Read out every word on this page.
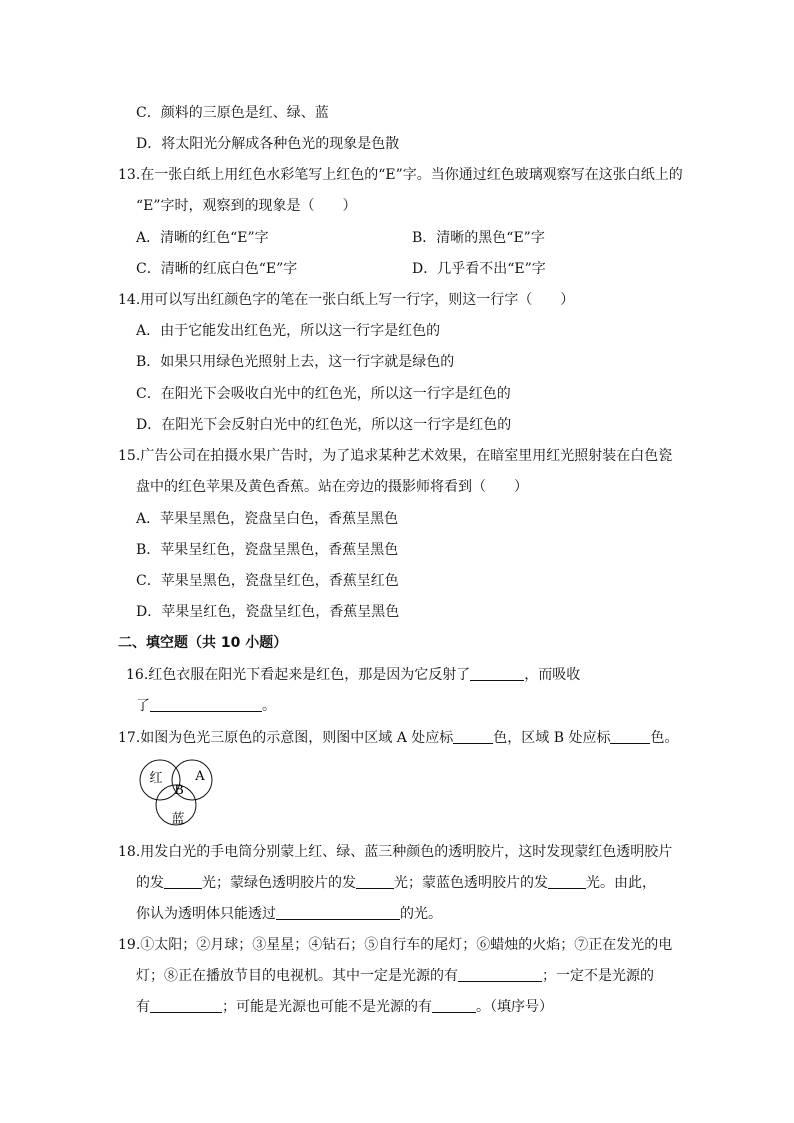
C．颜料的三原色是红、绿、蓝
D．将太阳光分解成各种色光的现象是色散
13.在一张白纸上用红色水彩笔写上红色的“E”字。当你通过红色玻璃观察写在这张白纸上的
“E”字时，观察到的现象是（　　）
A．清晰的红色“E”字	B．清晰的黑色“E”字
C．清晰的红底白色“E”字	D．几乎看不出“E”字
14.用可以写出红颜色字的笔在一张白纸上写一行字，则这一行字（　　）
A．由于它能发出红色光，所以这一行字是红色的
B．如果只用绿色光照射上去，这一行字就是绿色的
C．在阳光下会吸收白光中的红色光，所以这一行字是红色的
D．在阳光下会反射白光中的红色光，所以这一行字是红色的
15.广告公司在拍摄水果广告时，为了追求某种艺术效果，在暗室里用红光照射装在白色瓷
盘中的红色苹果及黄色香蕉。站在旁边的摄影师将看到（　　）
A．苹果呈黑色，瓷盘呈白色，香蕉呈黑色
B．苹果呈红色，瓷盘呈黑色，香蕉呈黑色
C．苹果呈黑色，瓷盘呈红色，香蕉呈红色
D．苹果呈红色，瓷盘呈红色，香蕉呈黑色
二、填空题（共 10 小题）
16.红色衣服在阳光下看起来是红色，那是因为它反射了	，而吸收
了	。
17.如图为色光三原色的示意图，则图中区域 A 处应标	色，区域 B 处应标	色。
红	A
B
蓝
18.用发白光的手电筒分别蒙上红、绿、蓝三种颜色的透明胶片，这时发现蒙红色透明胶片
的发	光；蒙绿色透明胶片的发	光；蒙蓝色透明胶片的发	光。由此，
你认为透明体只能透过	的光。
19.①太阳；②月球；③星星；④钻石；⑤自行车的尾灯；⑥蜡烛的火焰；⑦正在发光的电
灯；⑧正在播放节目的电视机。其中一定是光源的有	；一定不是光源的
有	；可能是光源也可能不是光源的有	。（填序号）
